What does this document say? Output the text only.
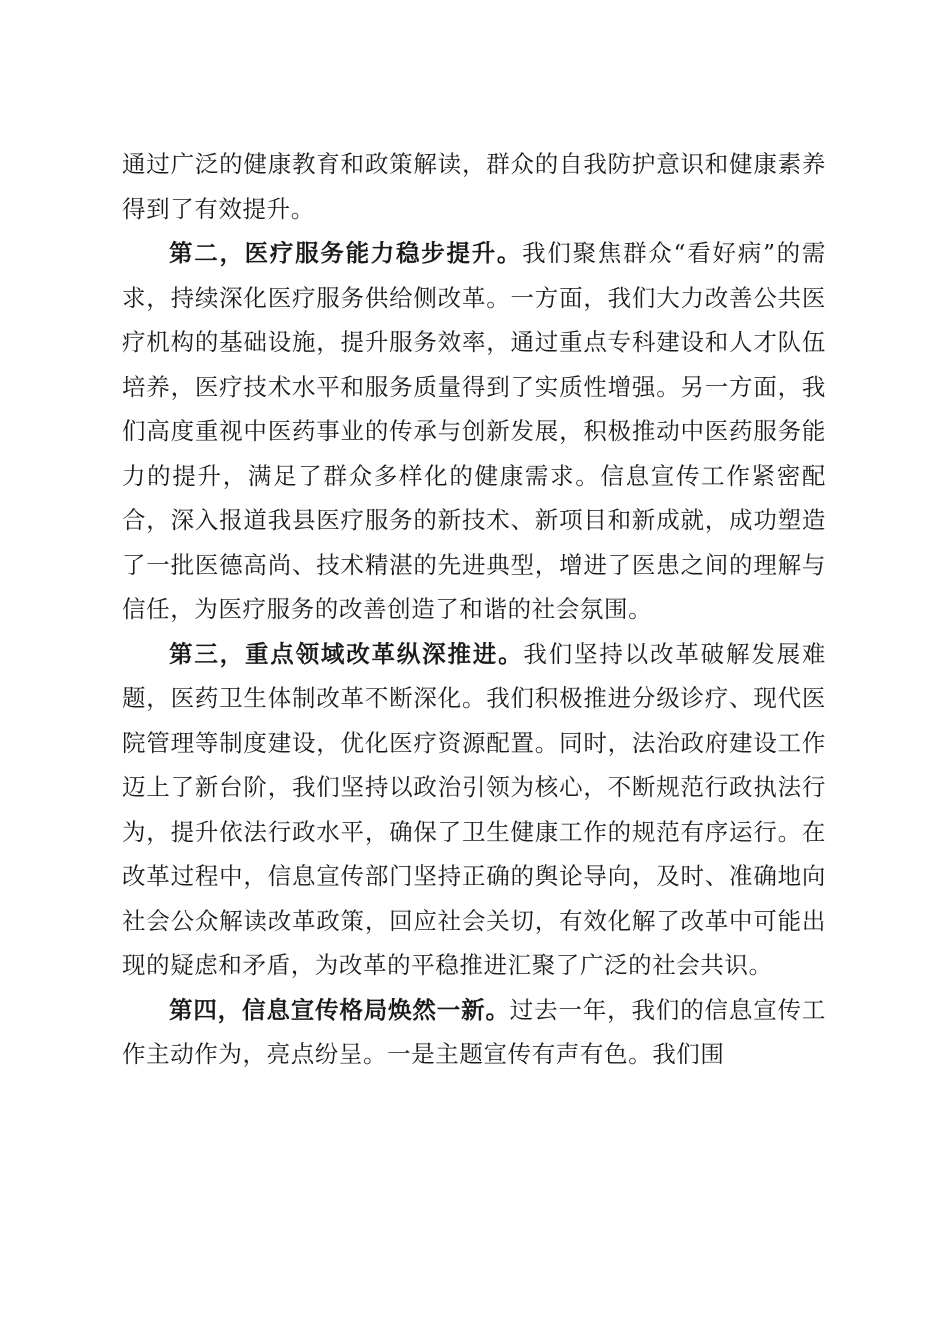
通过广泛的健康教育和政策解读，群众的自我防护意识和健康素养得到了有效提升。

第二，医疗服务能力稳步提升。我们聚焦群众“看好病”的需求，持续深化医疗服务供给侧改革。一方面，我们大力改善公共医疗机构的基础设施，提升服务效率，通过重点专科建设和人才队伍培养，医疗技术水平和服务质量得到了实质性增强。另一方面，我们高度重视中医药事业的传承与创新发展，积极推动中医药服务能力的提升，满足了群众多样化的健康需求。信息宣传工作紧密配合，深入报道我县医疗服务的新技术、新项目和新成就，成功塑造了一批医德高尚、技术精湛的先进典型，增进了医患之间的理解与信任，为医疗服务的改善创造了和谐的社会氛围。

第三，重点领域改革纵深推进。我们坚持以改革破解发展难题，医药卫生体制改革不断深化。我们积极推进分级诊疗、现代医院管理等制度建设，优化医疗资源配置。同时，法治政府建设工作迈上了新台阶，我们坚持以政治引领为核心，不断规范行政执法行为，提升依法行政水平，确保了卫生健康工作的规范有序运行。在改革过程中，信息宣传部门坚持正确的舆论导向，及时、准确地向社会公众解读改革政策，回应社会关切，有效化解了改革中可能出现的疑虑和矛盾，为改革的平稳推进汇聚了广泛的社会共识。

第四，信息宣传格局焕然一新。过去一年，我们的信息宣传工作主动作为，亮点纷呈。一是主题宣传有声有色。我们围
